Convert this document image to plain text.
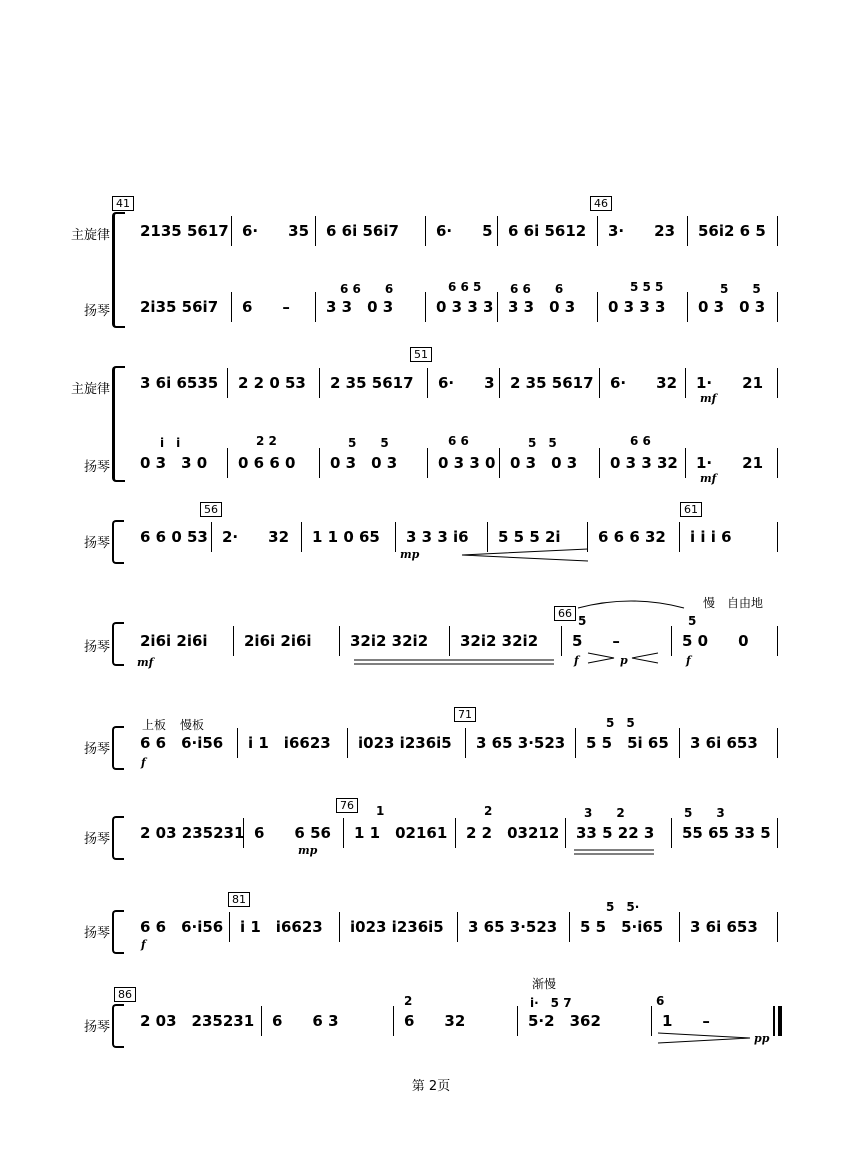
41	46
主旋律
扬琴
2135 5617 6·　　35	6 6i 56i7	6·　　5	6 6i 5612	3·　　23	56i2 6 5
6 6　　6	6 6 5 6 6　　6	5 5 5	5　　5
2i35 56i7	6　　–	3 3　0 3	0 3 3 3 3 3　0 3	0 3 3 3	0 3　0 3
51
主旋律
扬琴
3 6i 6535	2 2 0 53	2 35 5617	6·　　3	2 35 5617	6·　　32	1·　　21
mf
i　i	2 2	5　　5	6 6	5　5	6 6
0 3　3 0	0 6 6 0	0 3　0 3	0 3 3 0 0 3　0 3	0 3 3 32	1·　　21
mf
56	61
扬琴	6 6 0 53 2·　　32	1 1 0 65	3 3 3 i6	5 5 5 2i	6 6 6 32	i i i 6
mp
慢　自由地
66
扬琴
5	5
2i6i 2i6i	2i6i 2i6i	32i2 32i2	32i2 32i2	5　　–	5 0　　0
mf	f	p	f
上板 慢板
71
扬琴
5　5
6 6　6·i56	i 1　i6623	i023 i236i5	3 65 3·523	5 5　5i 65	3 6i 653
f
76
扬琴
1	2	3　　2	5　　3
2 03 235231 6　　6 56	1 1　02161	2 2　03212	33 5 22 3	55 65 33 5
mp
81
扬琴
5　5·
6 6　6·i56	i 1　i6623	i023 i236i5	3 65 3·523	5 5　5·i65	3 6i 653
f
渐慢
86
扬琴
2	i·　5 7	6
2 03　235231	6　　6 3	6　　32	5·2　362	1　　–
pp
第 2页
